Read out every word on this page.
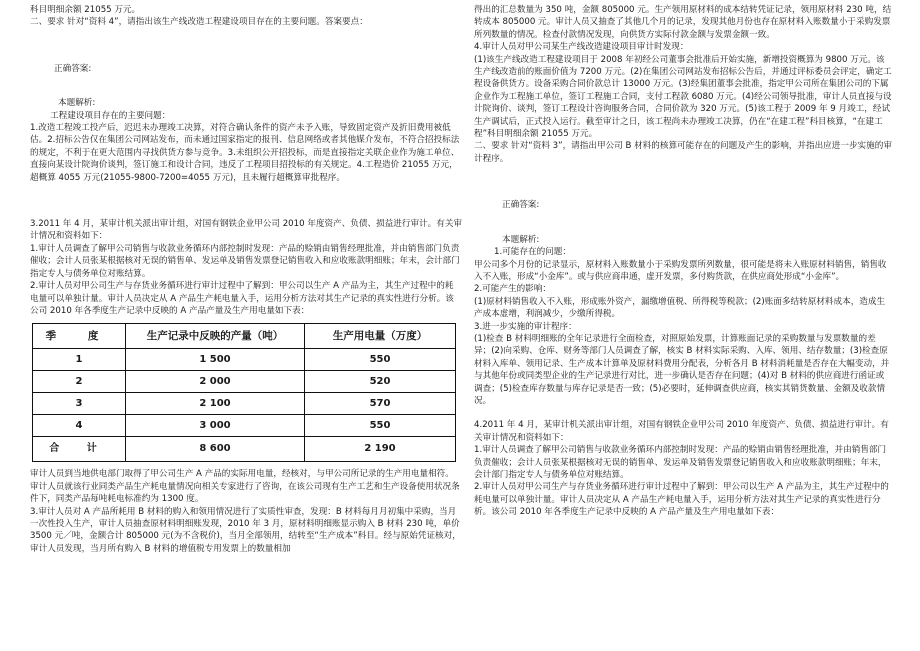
科目明细余额 21055 万元。

二、要求 针对“资料 4”，请指出该生产线改造工程建设项目存在的主要问题。答案要点：

正确答案:

本题解析:

工程建设项目存在的主要问题：

1.改造工程竣工投产后，迟迟未办理竣工决算，对符合确认条件的资产未予入账，导致固定资产及折旧费用被低估。2.招标公告仅在集团公司网站发布，而未通过国家指定的报刊、信息网络或者其他媒介发布，不符合招投标法的规定，不利于在更大范围内寻找供货方参与竞争。3.未组织公开招投标，而是直接指定关联企业作为施工单位、直接向某设计院询价谈判，签订施工和设计合同，违反了工程项目招投标的有关规定。4.工程造价 21055 万元，超概算 4055 万元(21055-9800-7200=4055 万元)，且未履行超概算审批程序。

3.2011 年 4 月，某审计机关派出审计组，对国有钢铁企业甲公司 2010 年度资产、负债、损益进行审计。有关审计情况和资料如下：

1.审计人员调查了解甲公司销售与收款业务循环内部控制时发现：产品的赊销由销售经理批准，并由销售部门负责催收；会计人员张某根据核对无误的销售单、发运单及销售发票登记销售收入和应收账款明细账；年末，会计部门指定专人与债务单位对账结算。

2.审计人员对甲公司生产与存货业务循环进行审计过程中了解到：甲公司以生产 A 产品为主，其生产过程中的耗电量可以单独计量。审计人员决定从 A 产品生产耗电量入手，运用分析方法对其生产记录的真实性进行分析。该公司 2010 年各季度生产记录中反映的 A 产品产量及生产用电量如下表：

季 度	生产记录中反映的产量（吨）	生产用电量（万度）
1	1 500	550
2	2 000	520
3	2 100	570
4	3 000	550
合 计	8 600	2 190

审计人员到当地供电部门取得了甲公司生产 A 产品的实际用电量，经核对，与甲公司所记录的生产用电量相符。审计人员就该行业同类产品生产耗电量情况向相关专家进行了咨询，在该公司现有生产工艺和生产设备使用状况条件下，同类产品每吨耗电标准约为 1300 度。

3.审计人员对 A 产品所耗用 B 材料的购入和领用情况进行了实质性审查，发现：B 材料每月月初集中采购，当月一次性投入生产，审计人员抽查原材料明细账发现，2010 年 3 月，原材料明细账显示购入 B 材料 230 吨，单价 3500 元／吨，金额合计 805000 元(为不含税价)，当月全部领用，结转至“生产成本”科目。经与原始凭证核对，审计人员发现，当月所有购入 B 材料的增值税专用发票上的数量相加

得出的汇总数量为 350 吨，金额 805000 元。生产领用原材料的成本结转凭证记录，领用原材料 230 吨，结转成本 805000 元。审计人员又抽查了其他几个月的记录，发现其他月份也存在原材料入账数量小于采购发票所列数量的情况。检查付款情况发现，向供货方实际付款金额与发票金额一致。

4.审计人员对甲公司某生产线改造建设项目审计时发现：

(1)该生产线改造工程建设项目于 2008 年初经公司董事会批准后开始实施，新增投资概算为 9800 万元。该生产线改造前的账面价值为 7200 万元。(2)在集团公司网站发布招标公告后，并通过评标委员会评定，确定工程设备供货方。设备采购合同价款总计 13000 万元。(3)经集团董事会批准，指定甲公司所在集团公司的下属企业作为工程施工单位，签订工程施工合同，支付工程款 6080 万元。(4)经公司领导批准，审计人员直接与设计院询价、谈判，签订工程设计咨询服务合同，合同价款为 320 万元。(5)该工程于 2009 年 9 月竣工，经试生产调试后，正式投入运行。截至审计之日，该工程尚未办理竣工决算，仍在“在建工程”科目核算，“在建工程”科目明细余额 21055 万元。

二、要求 针对“资料 3”，请指出甲公司 B 材料的核算可能存在的问题及产生的影响，并指出应进一步实施的审计程序。

正确答案:

本题解析:

1.可能存在的问题：

甲公司多个月份的记录显示，原材料入账数量小于采购发票所列数量，很可能是将未入账原材料销售，销售收入不入账，形成“小金库”。或与供应商串通，虚开发票，多付购货款，在供应商处形成“小金库”。

2.可能产生的影响：

(1)原材料销售收入不入账，形成账外资产，漏缴增值税、所得税等税款；(2)账面多结转原材料成本，造成生产成本虚增，利润减少，少缴所得税。

3.进一步实施的审计程序：

(1)检查 B 材料明细账的全年记录进行全面检查，对照原始发票，计算账面记录的采购数量与发票数量的差异；(2)向采购、仓库、财务等部门人员调查了解，核实 B 材料实际采购、入库、领用、结存数量；(3)检查原材料入库单、领用记录、生产成本计算单及原材料费用分配表，分析各月 B 材料消耗量是否存在大幅变动，并与其他年份或同类型企业的生产记录进行对比，进一步确认是否存在问题；(4)对 B 材料的供应商进行函证或调查；(5)检查库存数量与库存记录是否一致；(5)必要时，延伸调查供应商，核实其销货数量、金额及收款情况。

4.2011 年 4 月，某审计机关派出审计组，对国有钢铁企业甲公司 2010 年度资产、负债、损益进行审计。有关审计情况和资料如下：

1.审计人员调查了解甲公司销售与收款业务循环内部控制时发现：产品的赊销由销售经理批准，并由销售部门负责催收；会计人员张某根据核对无误的销售单、发运单及销售发票登记销售收入和应收账款明细账；年末，会计部门指定专人与债务单位对账结算。

2.审计人员对甲公司生产与存货业务循环进行审计过程中了解到：甲公司以生产 A 产品为主，其生产过程中的耗电量可以单独计量。审计人员决定从 A 产品生产耗电量入手，运用分析方法对其生产记录的真实性进行分析。该公司 2010 年各季度生产记录中反映的 A 产品产量及生产用电量如下表：
